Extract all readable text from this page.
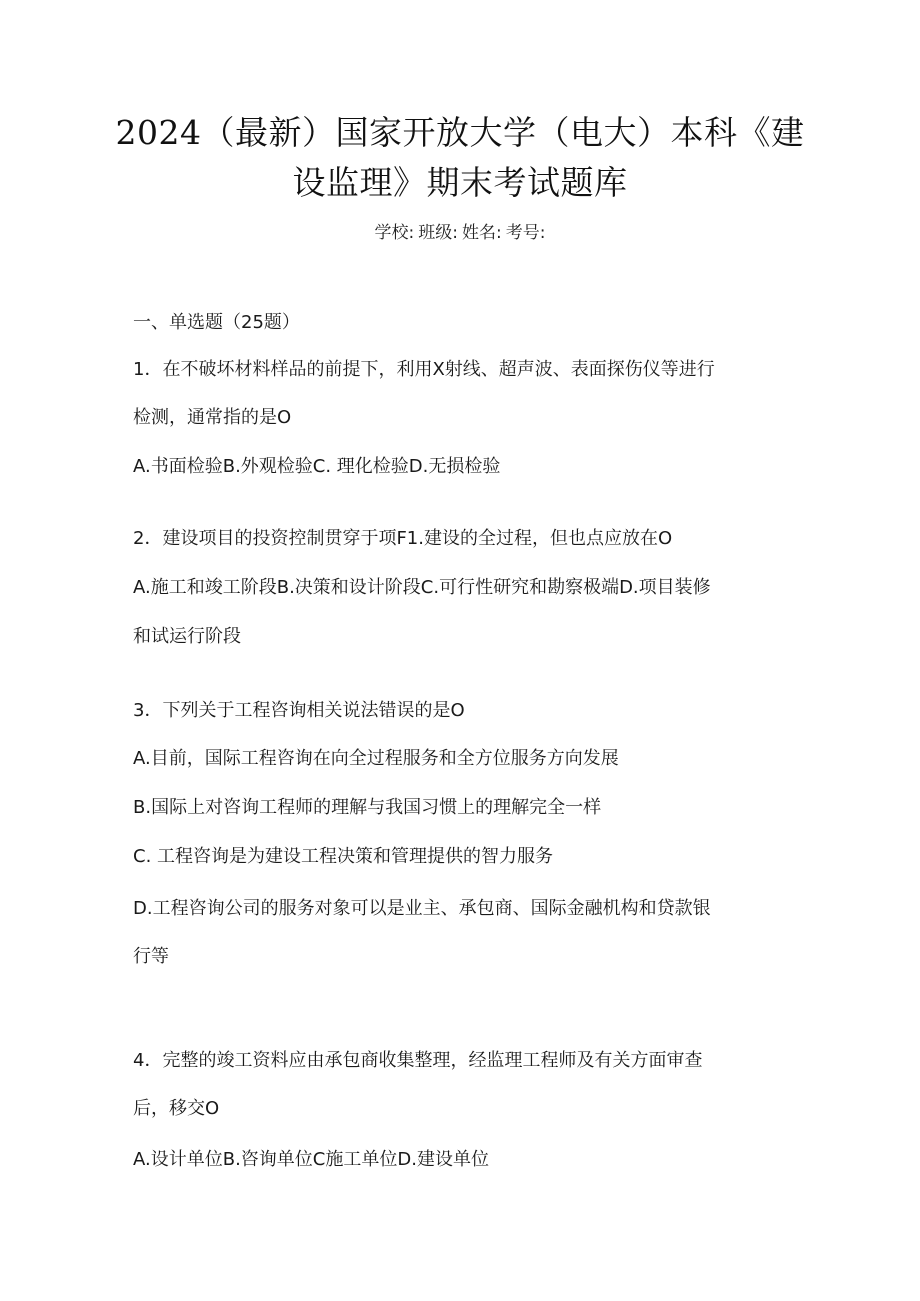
2024（最新）国家开放大学（电大）本科《建
设监理》期末考试题库
学校: 班级: 姓名: 考号:
一、单选题（25题）
1．在不破坏材料样品的前提下，利用X射线、超声波、表面探伤仪等进行
检测，通常指的是O
A.书面检验B.外观检验C. 理化检验D.无损检验
2．建设项目的投资控制贯穿于项F1.建设的全过程，但也点应放在O
A.施工和竣工阶段B.决策和设计阶段C.可行性研究和勘察极端D.项目装修
和试运行阶段
3．下列关于工程咨询相关说法错误的是O
A.目前，国际工程咨询在向全过程服务和全方位服务方向发展
B.国际上对咨询工程师的理解与我国习惯上的理解完全一样
C. 工程咨询是为建设工程决策和管理提供的智力服务
D.工程咨询公司的服务对象可以是业主、承包商、国际金融机构和贷款银
行等
4．完整的竣工资料应由承包商收集整理，经监理工程师及有关方面审查
后，移交O
A.设计单位B.咨询单位C施工单位D.建设单位
